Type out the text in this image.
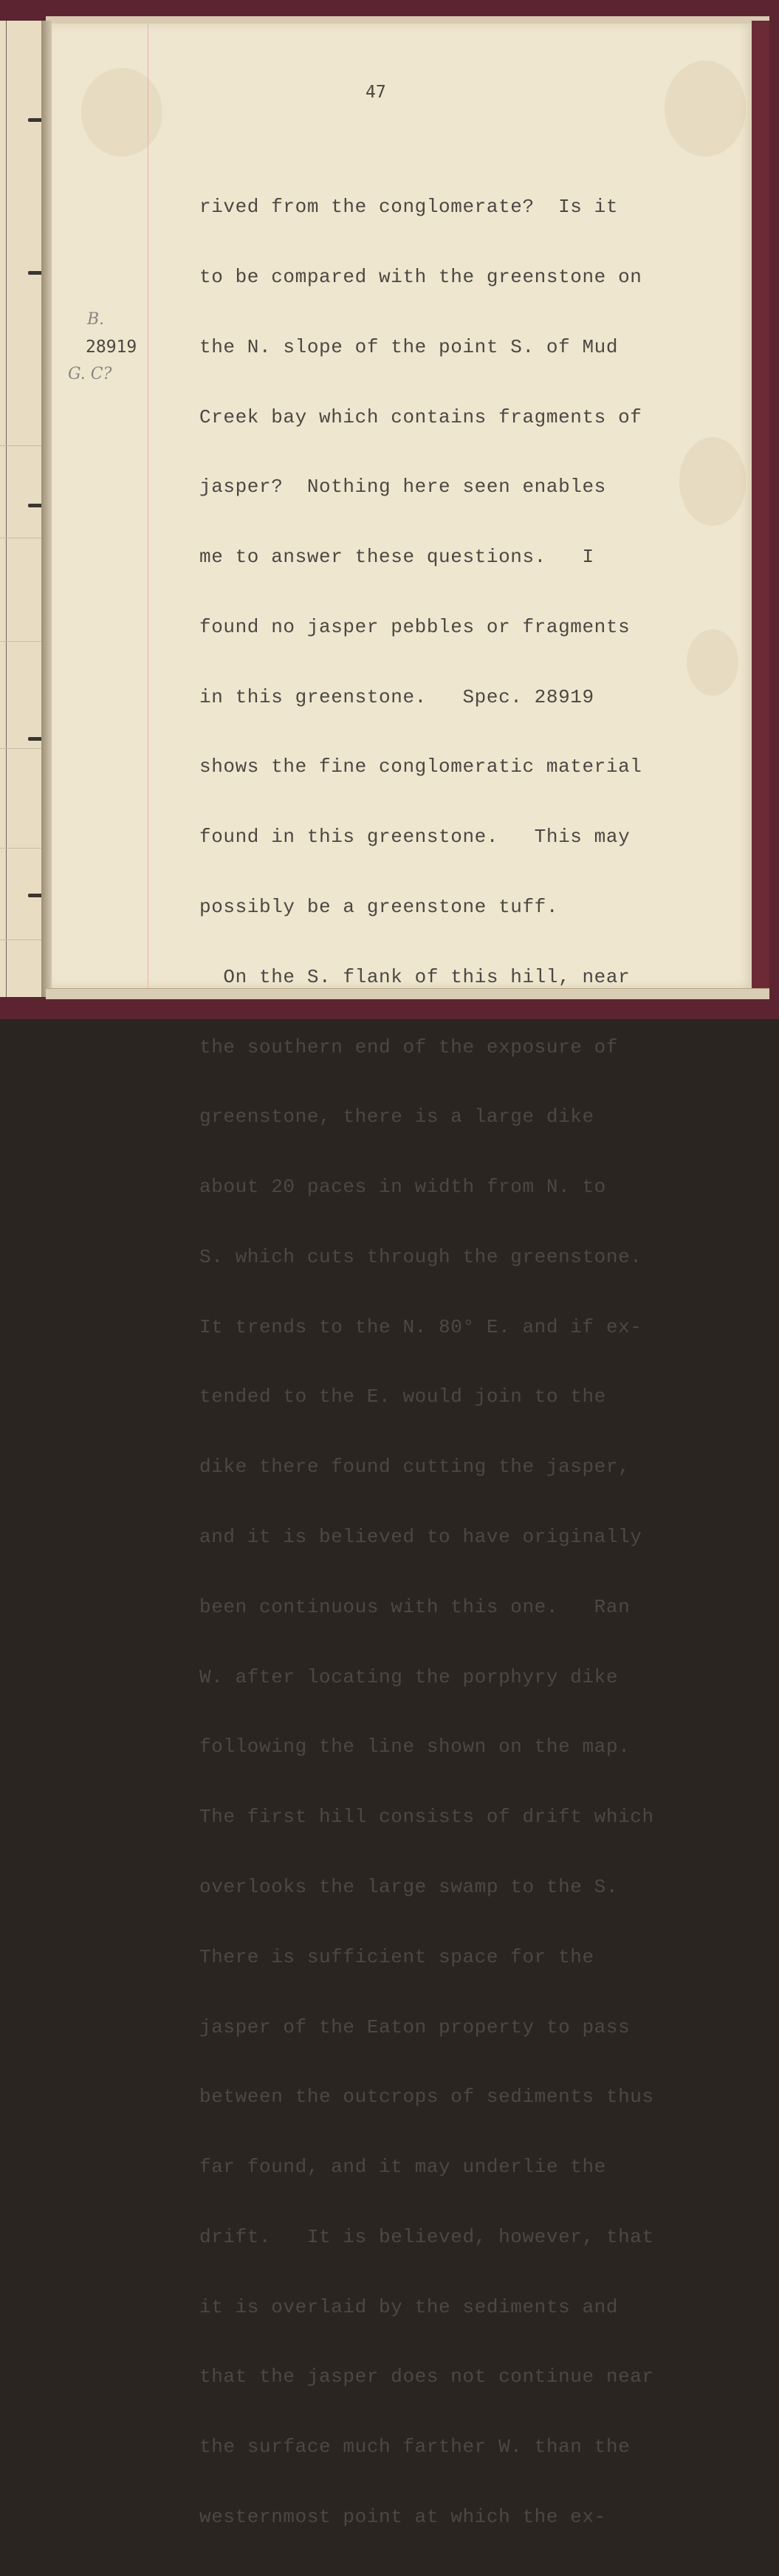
47
B.
28919
G. C?

rived from the conglomerate?  Is it

to be compared with the greenstone on

the N. slope of the point S. of Mud

Creek bay which contains fragments of

jasper?  Nothing here seen enables

me to answer these questions.   I

found no jasper pebbles or fragments

in this greenstone.   Spec. 28919

shows the fine conglomeratic material

found in this greenstone.   This may

possibly be a greenstone tuff.

On the S. flank of this hill, near

the southern end of the exposure of

greenstone, there is a large dike

about 20 paces in width from N. to

S. which cuts through the greenstone.

It trends to the N. 80° E. and if ex-

tended to the E. would join to the

dike there found cutting the jasper,

and it is believed to have originally

been continuous with this one.   Ran

W. after locating the porphyry dike

following the line shown on the map.

The first hill consists of drift which

overlooks the large swamp to the S.

There is sufficient space for the

jasper of the Eaton property to pass

between the outcrops of sediments thus

far found, and it may underlie the

drift.   It is believed, however, that

it is overlaid by the sediments and

that the jasper does not continue near

the surface much farther W. than the

westernmost point at which the ex-
